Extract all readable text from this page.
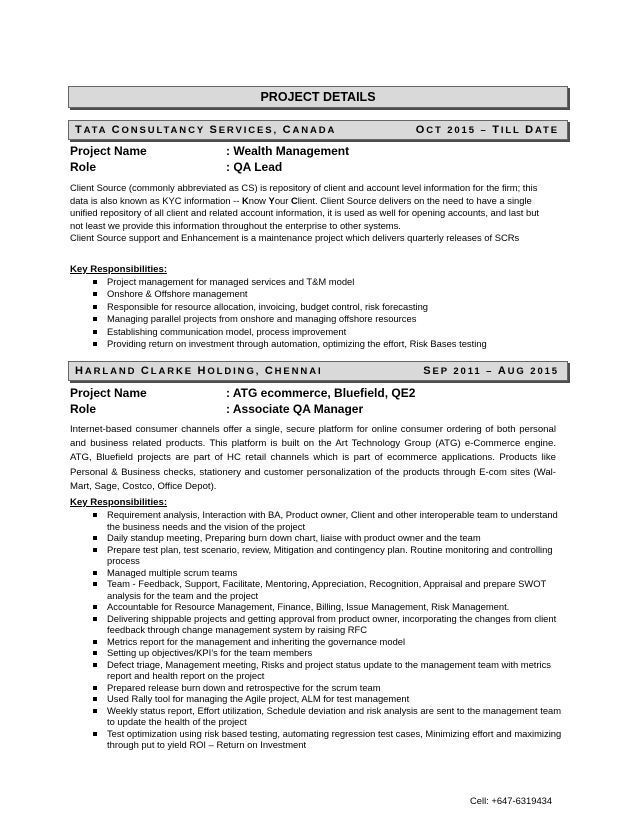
PROJECT DETAILS
TATA CONSULTANCY SERVICES, CANADA	OCT 2015 – TILL DATE
Project Name	: Wealth Management
Role	: QA Lead
Client Source (commonly abbreviated as CS) is repository of client and account level information for the firm; this data is also known as KYC information -- Know Your Client. Client Source delivers on the need to have a single unified repository of all client and related account information, it is used as well for opening accounts, and last but not least we provide this information throughout the enterprise to other systems.
Client Source support and Enhancement is a maintenance project which delivers quarterly releases of SCRs
Key Responsibilities:
Project management for managed services and T&M model
Onshore & Offshore management
Responsible for resource allocation, invoicing, budget control, risk forecasting
Managing parallel projects from onshore and managing offshore resources
Establishing communication model, process improvement
Providing return on investment through automation, optimizing the effort, Risk Bases testing
HARLAND CLARKE HOLDING, CHENNAI	SEP 2011 – AUG 2015
Project Name	: ATG ecommerce, Bluefield, QE2
Role	: Associate QA Manager
Internet-based consumer channels offer a single, secure platform for online consumer ordering of both personal and business related products. This platform is built on the Art Technology Group (ATG) e-Commerce engine. ATG, Bluefield projects are part of HC retail channels which is part of ecommerce applications. Products like Personal & Business checks, stationery and customer personalization of the products through E-com sites (Wal-Mart, Sage, Costco, Office Depot).
Key Responsibilities:
Requirement analysis, Interaction with BA, Product owner, Client and other interoperable team to understand the business needs and the vision of the project
Daily standup meeting, Preparing burn down chart, liaise with product owner and the team
Prepare test plan, test scenario, review, Mitigation and contingency plan. Routine monitoring and controlling process
Managed multiple scrum teams
Team - Feedback, Support, Facilitate, Mentoring, Appreciation, Recognition, Appraisal and prepare SWOT analysis for the team and the project
Accountable for Resource Management, Finance, Billing, Issue Management, Risk Management.
Delivering shippable projects and getting approval from product owner, incorporating the changes from client feedback through change management system by raising RFC
Metrics report for the management and inheriting the governance model
Setting up objectives/KPI’s for the team members
Defect triage, Management meeting, Risks and project status update to the management team with metrics report and health report on the project
Prepared release burn down and retrospective for the scrum team
Used Rally tool for managing the Agile project, ALM for test management
Weekly status report, Effort utilization, Schedule deviation and risk analysis are sent to the management team to update the health of the project
Test optimization using risk based testing, automating regression test cases, Minimizing effort and maximizing through put to yield ROI – Return on Investment
Cell: +647-6319434
